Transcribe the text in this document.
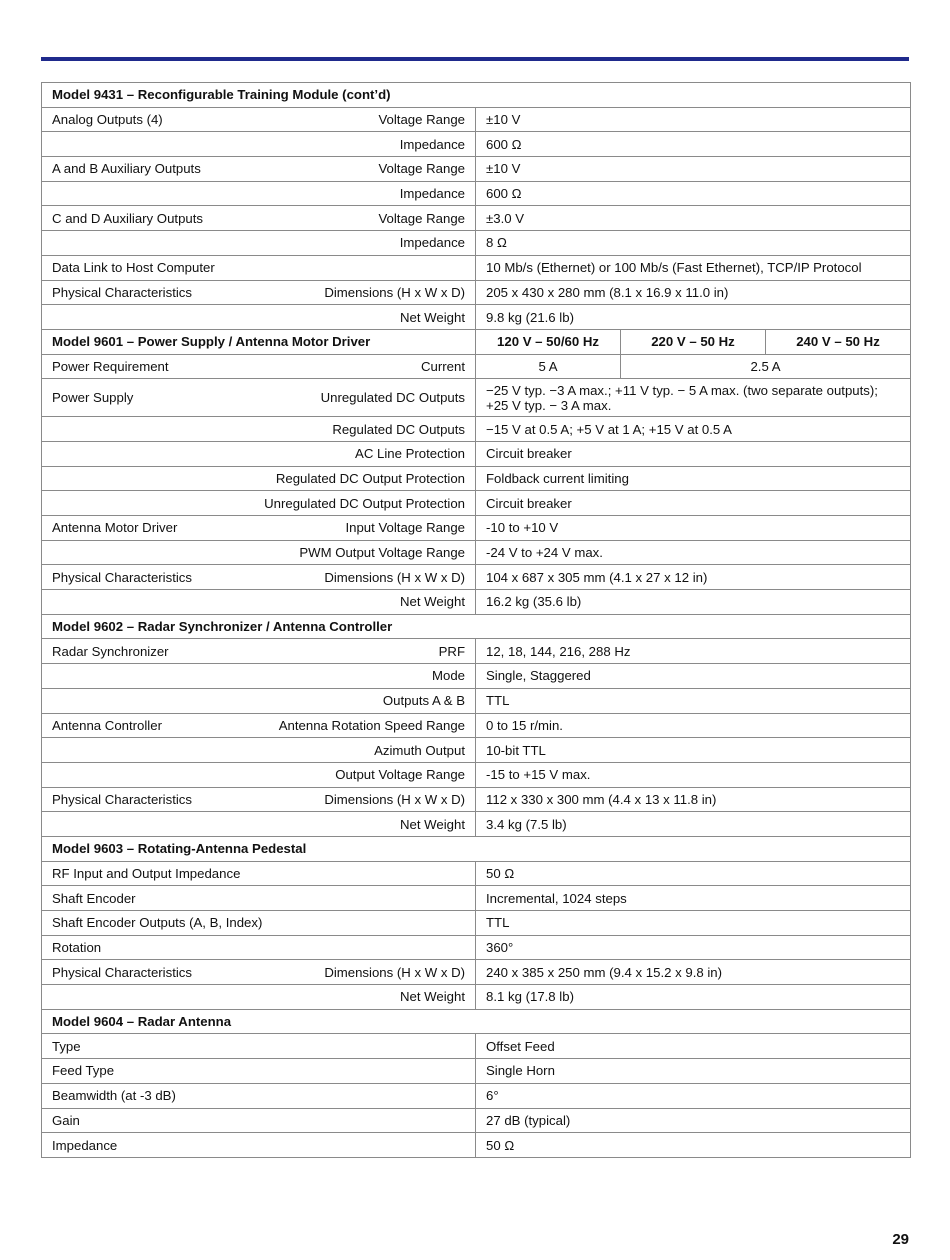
Model 9431 – Reconfigurable Training Module (cont’d)			

Analog Outputs (4) Voltage Range	±10 V		

Impedance	600 Ω		

A and B Auxiliary Outputs Voltage Range	±10 V		

Impedance	600 Ω		

C and D Auxiliary Outputs Voltage Range	±3.0 V		

Impedance	8 Ω		

Data Link to Host Computer	10 Mb/s (Ethernet) or 100 Mb/s (Fast Ethernet), TCP/IP Protocol		

Physical Characteristics Dimensions (H x W x D)	205 x 430 x 280 mm (8.1 x 16.9 x 11.0 in)		

Net Weight	9.8 kg (21.6 lb)		
Model 9601 – Power Supply / Antenna Motor Driver	120 V – 50/60 Hz	220 V – 50 Hz	240 V – 50 Hz

Power Requirement Current	5 A	2.5 A	

Power Supply Unregulated DC Outputs	−25 V typ. −3 A max.; +11 V typ. − 5 A max. (two separate outputs); +25 V typ. − 3 A max.		

Regulated DC Outputs	−15 V at 0.5 A; +5 V at 1 A; +15 V at 0.5 A		

AC Line Protection	Circuit breaker		

Regulated DC Output Protection	Foldback current limiting		

Unregulated DC Output Protection	Circuit breaker		

Antenna Motor Driver Input Voltage Range	-10 to +10 V		

PWM Output Voltage Range	-24 V to +24 V max.		

Physical Characteristics Dimensions (H x W x D)	104 x 687 x 305 mm (4.1 x 27 x 12 in)		

Net Weight	16.2 kg (35.6 lb)		
Model 9602 – Radar Synchronizer / Antenna Controller			

Radar Synchronizer PRF	12, 18, 144, 216, 288 Hz		

Mode	Single, Staggered		

Outputs A & B	TTL		

Antenna Controller Antenna Rotation Speed Range	0 to 15 r/min.		

Azimuth Output	10-bit TTL		

Output Voltage Range	-15 to +15 V max.		

Physical Characteristics Dimensions (H x W x D)	112 x 330 x 300 mm (4.4 x 13 x 11.8 in)		

Net Weight	3.4 kg (7.5 lb)		
Model 9603 – Rotating-Antenna Pedestal			

RF Input and Output Impedance	50 Ω		

Shaft Encoder	Incremental, 1024 steps		

Shaft Encoder Outputs (A, B, Index)	TTL		

Rotation	360°		

Physical Characteristics Dimensions (H x W x D)	240 x 385 x 250 mm (9.4 x 15.2 x 9.8 in)		

Net Weight	8.1 kg (17.8 lb)		
Model 9604 – Radar Antenna			

Type	Offset Feed		

Feed Type	Single Horn		

Beamwidth (at -3 dB)	6°		

Gain	27 dB (typical)		

Impedance	50 Ω		
29
